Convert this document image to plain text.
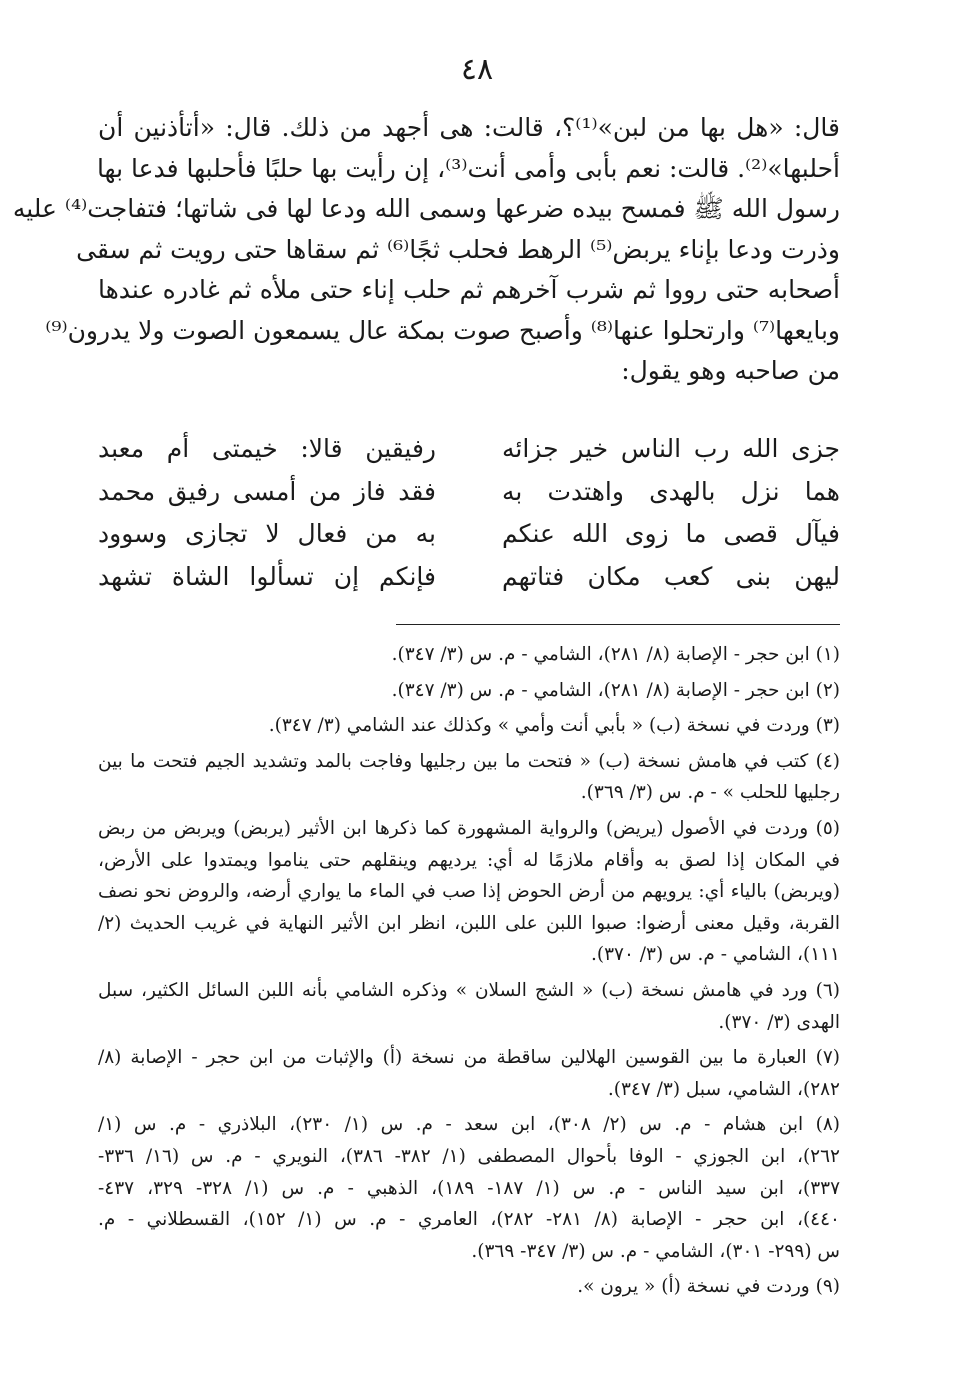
٤٨
قال: «هل بها من لبن»⁽¹⁾؟، قالت: هى أجهد من ذلك. قال: «أتأذنين أن
أحلبها»⁽²⁾. قالت: نعم بأبى وأمى أنت⁽³⁾، إن رأيت بها حلبًا فأحلبها فدعا بها
رسول الله ﷺ فمسح بيده ضرعها وسمى الله ودعا لها فى شاتها؛ فتفاجت⁽⁴⁾ عليه
وذرت ودعا بإناء يربض⁽⁵⁾ الرهط فحلب ثجًا⁽⁶⁾ ثم سقاها حتى رويت ثم سقى
أصحابه حتى رووا ثم شرب آخرهم ثم حلب إناء حتى ملأه ثم غادره عندها
وبايعها⁽⁷⁾ وارتحلوا عنها⁽⁸⁾ وأصبح صوت بمكة عال يسمعون الصوت ولا يدرون⁽⁹⁾
من صاحبه وهو يقول:
جزى الله رب الناس خير جزائه
رفيقين قالا: خيمتى أم معبد
هما نزل بالهدى واهتدت به
فقد فاز من أمسى رفيق محمد
فيآل قصى ما زوى الله عنكم
به من فعال لا تجازى وسوود
ليهن بنى كعب مكان فتاتهم
فإنكم إن تسألوا الشاة تشهد
(١) ابن حجر - الإصابة (٨/ ٢٨١)، الشامي - م. س (٣/ ٣٤٧).
(٢) ابن حجر - الإصابة (٨/ ٢٨١)، الشامي - م. س (٣/ ٣٤٧).
(٣) وردت في نسخة (ب) « بأبي أنت وأمي » وكذلك عند الشامي (٣/ ٣٤٧).
(٤) كتب في هامش نسخة (ب) « فتحت ما بين رجليها وفاجت بالمد وتشديد الجيم فتحت ما بين
رجليها للحلب » - م. س (٣/ ٣٦٩).
(٥) وردت في الأصول (يريض) والرواية المشهورة كما ذكرها ابن الأثير (يربض) ويربض من ربض
في المكان إذا لصق به وأقام ملازمًا له أي: يرديهم وينقلهم حتى يناموا ويمتدوا على الأرض،
(ويربض) بالياء أي: يرويهم من أرض الحوض إذا صب في الماء ما يواري أرضه، والروض نحو نصف
القربة، وقيل معنى أرضوا: صبوا اللبن على اللبن، انظر ابن الأثير النهاية في غريب الحديث (٢/
١١١)، الشامي - م. س (٣/ ٣٧٠).
(٦) ورد في هامش نسخة (ب) « الشج السلان » وذكره الشامي بأنه اللبن السائل الكثير، سبل
الهدى (٣/ ٣٧٠).
(٧) العبارة ما بين القوسين الهلالين ساقطة من نسخة (أ) والإثبات من ابن حجر - الإصابة (٨/
٢٨٢)، الشامي، سبل (٣/ ٣٤٧).
(٨) ابن هشام - م. س (٢/ ٣٠٨)، ابن سعد - م. س (١/ ٢٣٠)، البلاذري - م. س (١/
٢٦٢)، ابن الجوزي - الوفا بأحوال المصطفى (١/ ٣٨٢- ٣٨٦)، النويري - م. س (١٦/ ٣٣٦-
٣٣٧)، ابن سيد الناس - م. س (١/ ١٨٧- ١٨٩)، الذهبي - م. س (١/ ٣٢٨- ٣٢٩، ٤٣٧-
٤٤٠)، ابن حجر - الإصابة (٨/ ٢٨١- ٢٨٢)، العامري - م. س (١/ ١٥٢)، القسطلاني - م.
س (٢٩٩- ٣٠١)، الشامي - م. س (٣/ ٣٤٧- ٣٦٩).
(٩) وردت في نسخة (أ) « يرون ».
